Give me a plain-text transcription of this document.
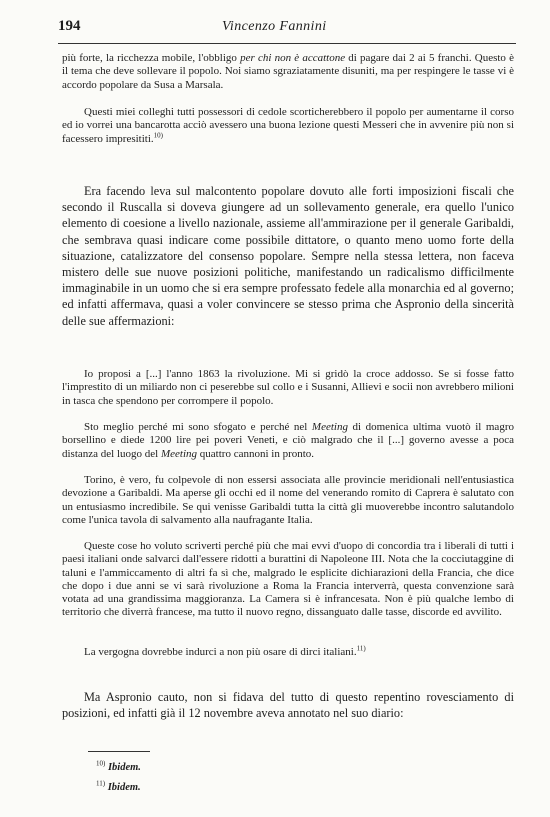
194	Vincenzo Fannini

più forte, la ricchezza mobile, l'obbligo per chi non è accattone di pagare dai 2 ai 5 franchi. Questo è il tema che deve sollevare il popolo. Noi siamo sgraziatamente disuniti, ma per respingere le tasse vi è accordo popolare da Susa a Marsala.

Questi miei colleghi tutti possessori di cedole scorticherebbero il popolo per aumentarne il corso ed io vorrei una bancarotta acciò avessero una buona lezione questi Messeri che in avvenire più non si facessero impresititi.$^{10)}$

Era facendo leva sul malcontento popolare dovuto alle forti imposizioni fiscali che secondo il Ruscalla si doveva giungere ad un sollevamento generale, era quello l'unico elemento di coesione a livello nazionale, assieme all'ammirazione per il generale Garibaldi, che sembrava quasi indicare come possibile dittatore, o quanto meno uomo forte della situazione, catalizzatore del consenso popolare. Sempre nella stessa lettera, non faceva mistero delle sue nuove posizioni politiche, manifestando un radicalismo difficilmente immaginabile in un uomo che si era sempre professato fedele alla monarchia ed al governo; ed infatti affermava, quasi a voler convincere se stesso prima che Aspronio della sincerità delle sue affermazioni:

Io proposi a [...] l'anno 1863 la rivoluzione. Mi si gridò la croce addosso. Se si fosse fatto l'imprestito di un miliardo non ci peserebbe sul collo e i Susanni, Allievi e socii non avrebbero milioni in tasca che spendono per corrompere il popolo.

Sto meglio perché mi sono sfogato e perché nel Meeting di domenica ultima vuotò il magro borsellino e diede 1200 lire pei poveri Veneti, e ciò malgrado che il [...] governo avesse a poca distanza del luogo del Meeting quattro cannoni in pronto.

Torino, è vero, fu colpevole di non essersi associata alle provincie meridionali nell'entusiastica devozione a Garibaldi. Ma aperse gli occhi ed il nome del venerando romito di Caprera è salutato con un entusiasmo incredibile. Se qui venisse Garibaldi tutta la città gli muoverebbe incontro salutandolo come l'unica tavola di salvamento alla naufragante Italia.

Queste cose ho voluto scriverti perché più che mai evvi d'uopo di concordia tra i liberali di tutti i paesi italiani onde salvarci dall'essere ridotti a burattini di Napoleone III. Nota che la cocciutaggine di taluni e l'ammiccamento di altri fa sì che, malgrado le esplicite dichiarazioni della Francia, che dice che dopo i due anni se vi sarà rivoluzione a Roma la Francia interverrà, questa convenzione sarà votata ad una grandissima maggioranza. La Camera si è infrancesata. Non è più qualche lembo di territorio che diverrà francese, ma tutto il nuovo regno, dissanguato dalle tasse, discorde ed avvilito.

La vergogna dovrebbe indurci a non più osare di dirci italiani.$^{11)}$

Ma Aspronio cauto, non si fidava del tutto di questo repentino rovesciamento di posizioni, ed infatti già il 12 novembre aveva annotato nel suo diario:

$^{10)}$ Ibidem.
$^{11)}$ Ibidem.
